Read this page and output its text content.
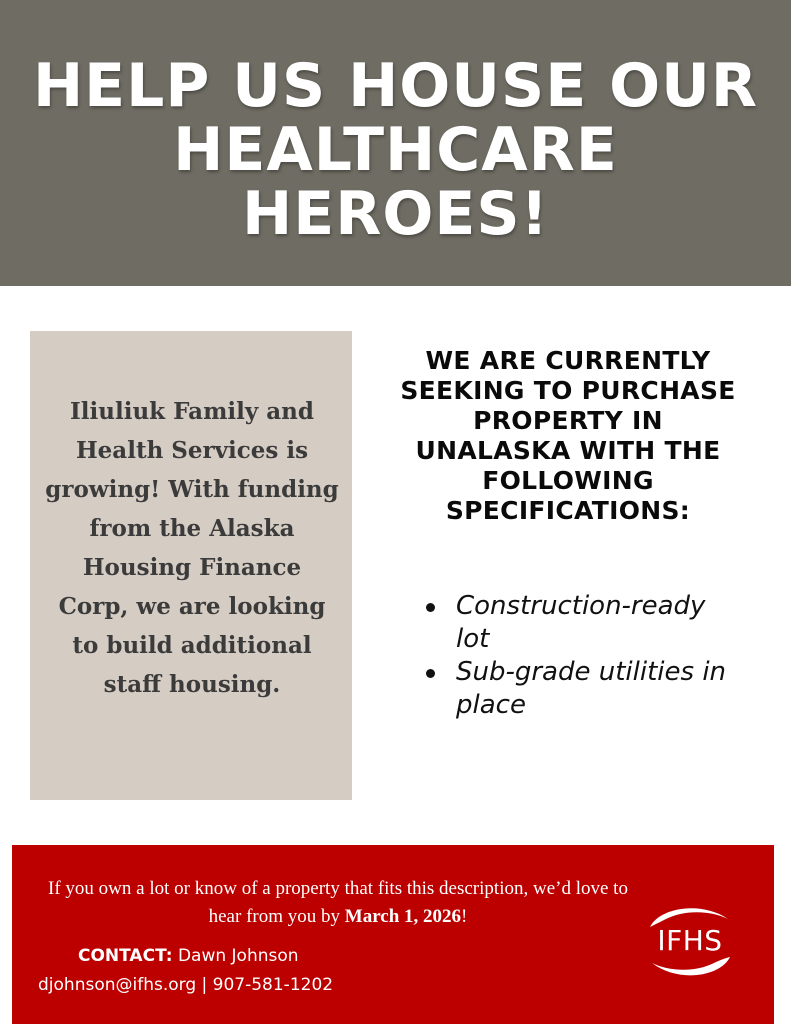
HELP US HOUSE OUR
HEALTHCARE
HEROES!

Iliuliuk Family and Health Services is growing! With funding from the Alaska Housing Finance Corp, we are looking to build additional staff housing.

WE ARE CURRENTLY SEEKING TO PURCHASE PROPERTY IN UNALASKA WITH THE FOLLOWING SPECIFICATIONS:
Construction-ready lot
Sub-grade utilities in place

If you own a lot or know of a property that fits this description, we’d love to hear from you by March 1, 2026!

CONTACT: Dawn Johnson

djohnson@ifhs.org | 907-581-1202

IFHS
